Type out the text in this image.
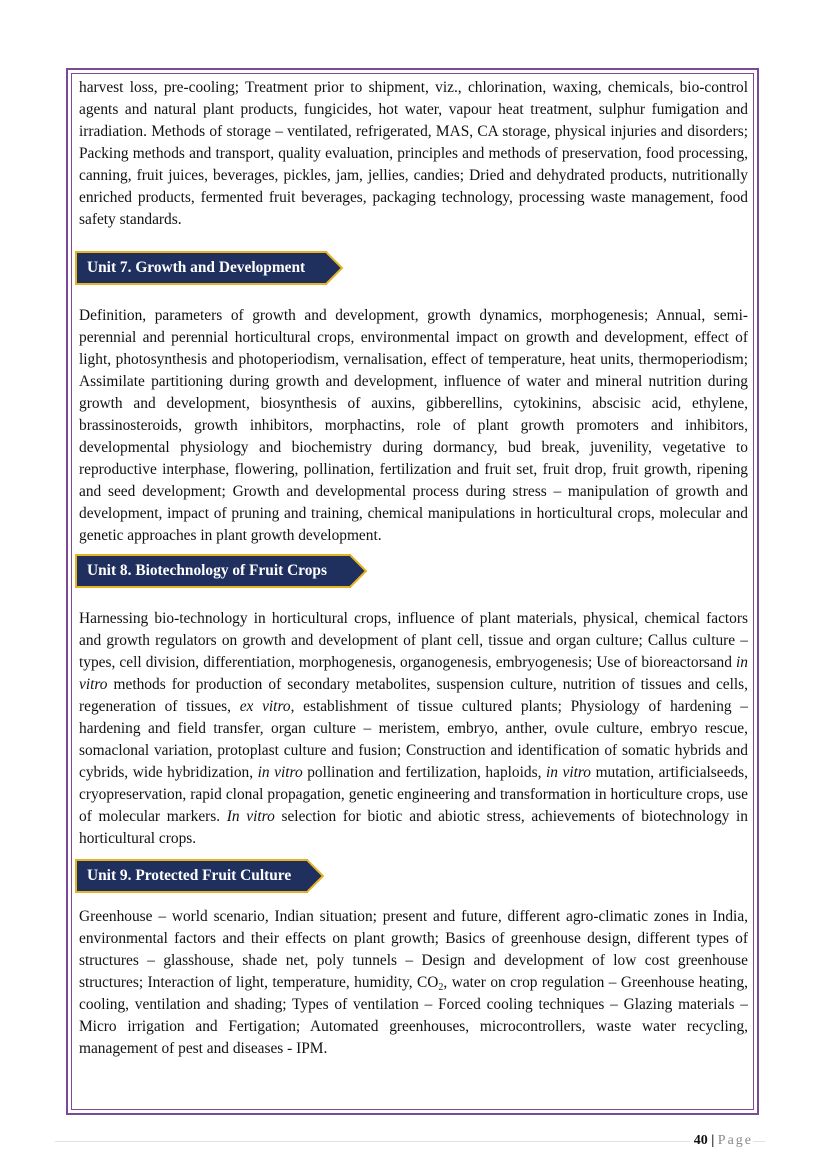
harvest loss, pre-cooling; Treatment prior to shipment, viz., chlorination, waxing, chemicals, bio-control agents and natural plant products, fungicides, hot water, vapour heat treatment, sulphur fumigation and irradiation. Methods of storage – ventilated, refrigerated, MAS, CA storage, physical injuries and disorders; Packing methods and transport, quality evaluation, principles and methods of preservation, food processing, canning, fruit juices, beverages, pickles, jam, jellies, candies; Dried and dehydrated products, nutritionally enriched products, fermented fruit beverages, packaging technology, processing waste management, food safety standards.

Unit 7. Growth and Development

Definition, parameters of growth and development, growth dynamics, morphogenesis; Annual, semi- perennial and perennial horticultural crops, environmental impact on growth and development, effect of light, photosynthesis and photoperiodism, vernalisation, effect of temperature, heat units, thermoperiodism; Assimilate partitioning during growth and development, influence of water and mineral nutrition during growth and development, biosynthesis of auxins, gibberellins, cytokinins, abscisic acid, ethylene, brassinosteroids, growth inhibitors, morphactins, role of plant growth promoters and inhibitors, developmental physiology and biochemistry during dormancy, bud break, juvenility, vegetative to reproductive interphase, flowering, pollination, fertilization and fruit set, fruit drop, fruit growth, ripening and seed development; Growth and developmental process during stress – manipulation of growth and development, impact of pruning and training, chemical manipulations in horticultural crops, molecular and genetic approaches in plant growth development.

Unit 8. Biotechnology of Fruit Crops

Harnessing bio-technology in horticultural crops, influence of plant materials, physical, chemical factors and growth regulators on growth and development of plant cell, tissue and organ culture; Callus culture – types, cell division, differentiation, morphogenesis, organogenesis, embryogenesis; Use of bioreactorsand in vitro methods for production of secondary metabolites, suspension culture, nutrition of tissues and cells, regeneration of tissues, ex vitro, establishment of tissue cultured plants; Physiology of hardening – hardening and field transfer, organ culture – meristem, embryo, anther, ovule culture, embryo rescue, somaclonal variation, protoplast culture and fusion; Construction and identification of somatic hybrids and cybrids, wide hybridization, in vitro pollination and fertilization, haploids, in vitro mutation, artificialseeds, cryopreservation, rapid clonal propagation, genetic engineering and transformation in horticulture crops, use of molecular markers. In vitro selection for biotic and abiotic stress, achievements of biotechnology in horticultural crops.

Unit 9. Protected Fruit Culture

Greenhouse – world scenario, Indian situation; present and future, different agro-climatic zones in India, environmental factors and their effects on plant growth; Basics of greenhouse design, different types of structures – glasshouse, shade net, poly tunnels – Design and development of low cost greenhouse structures; Interaction of light, temperature, humidity, $CO_2$, water on crop regulation – Greenhouse heating, cooling, ventilation and shading; Types of ventilation – Forced cooling techniques – Glazing materials – Micro irrigation and Fertigation; Automated greenhouses, microcontrollers, waste water recycling, management of pest and diseases - IPM.

40 | Page
